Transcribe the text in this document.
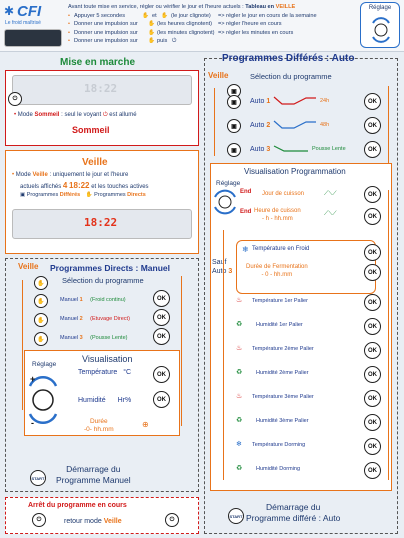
✱ CFI
Le froid maîtrisé
Avant toute mise en service, régler ou vérifier le jour et l'heure actuels : Tableau en VEILLE
• Appuyer 5 secondes	✋ et ✋ (le jour clignote) => régler le jour en cours de la semaine
• Donner une impulsion sur ✋ (les heures clignotent) => régler l'heure en cours
• Donner une impulsion sur ✋ (les minutes clignotent) => régler les minutes en cours
• Donner une impulsion sur ✋ puis ⏻
Réglage
Mise en marche
18:22
• Mode Sommeil : seul le voyant ⏻ est allumé
Sommeil
⏻
Veille
• Mode Veille : uniquement le jour et l'heure
actuels affichés 4 18:22 et les touches actives
▣ Programmes Différés ✋ Programmes Directs
18:22
Veille Programmes Directs : Manuel
Sélection du programme
✋
✋
✋
✋
Manuel 1 (Froid continu)
Manuel 2 (Etuvage Direct)
Manuel 3 (Pousse Lente)
OK
OK
OK
Réglage
+
-
Visualisation
Température °C
Humidité Hr%
Durée
-0- hh.mm
⊕
OK
OK
START
Démarrage du
Programme Manuel
Arrêt du programme en cours
retour mode Veille
⏻	⏻
Programmes Différés : Auto
Veille	Sélection du programme
▣
▣
▣
▣
Auto 1	24h
Auto 2	48h
Auto 3	Pousse Lente
OK
OK
OK
Visualisation Programmation
Réglage
End
End
Jour de cuisson
Heure de cuisson
- h - hh.mm
OK
OK
⟋⟍⟋
⟋⟍⟋
Sauf
Auto 3
❄ Température en Froid
Durée de Fermentation
- 0 - hh.mm
OK
OK
♨ Température 1er Palier
♻ Humidité 1er Palier
♨ Température 2ème Palier
♻ Humidité 2ème Palier
♨ Température 3ème Palier
♻ Humidité 3ème Palier
❄ Température Dorming
♻ Humidité Dorming
OK
OK
OK
OK
OK
OK
OK
OK
START
Démarrage du
Programme différé : Auto
